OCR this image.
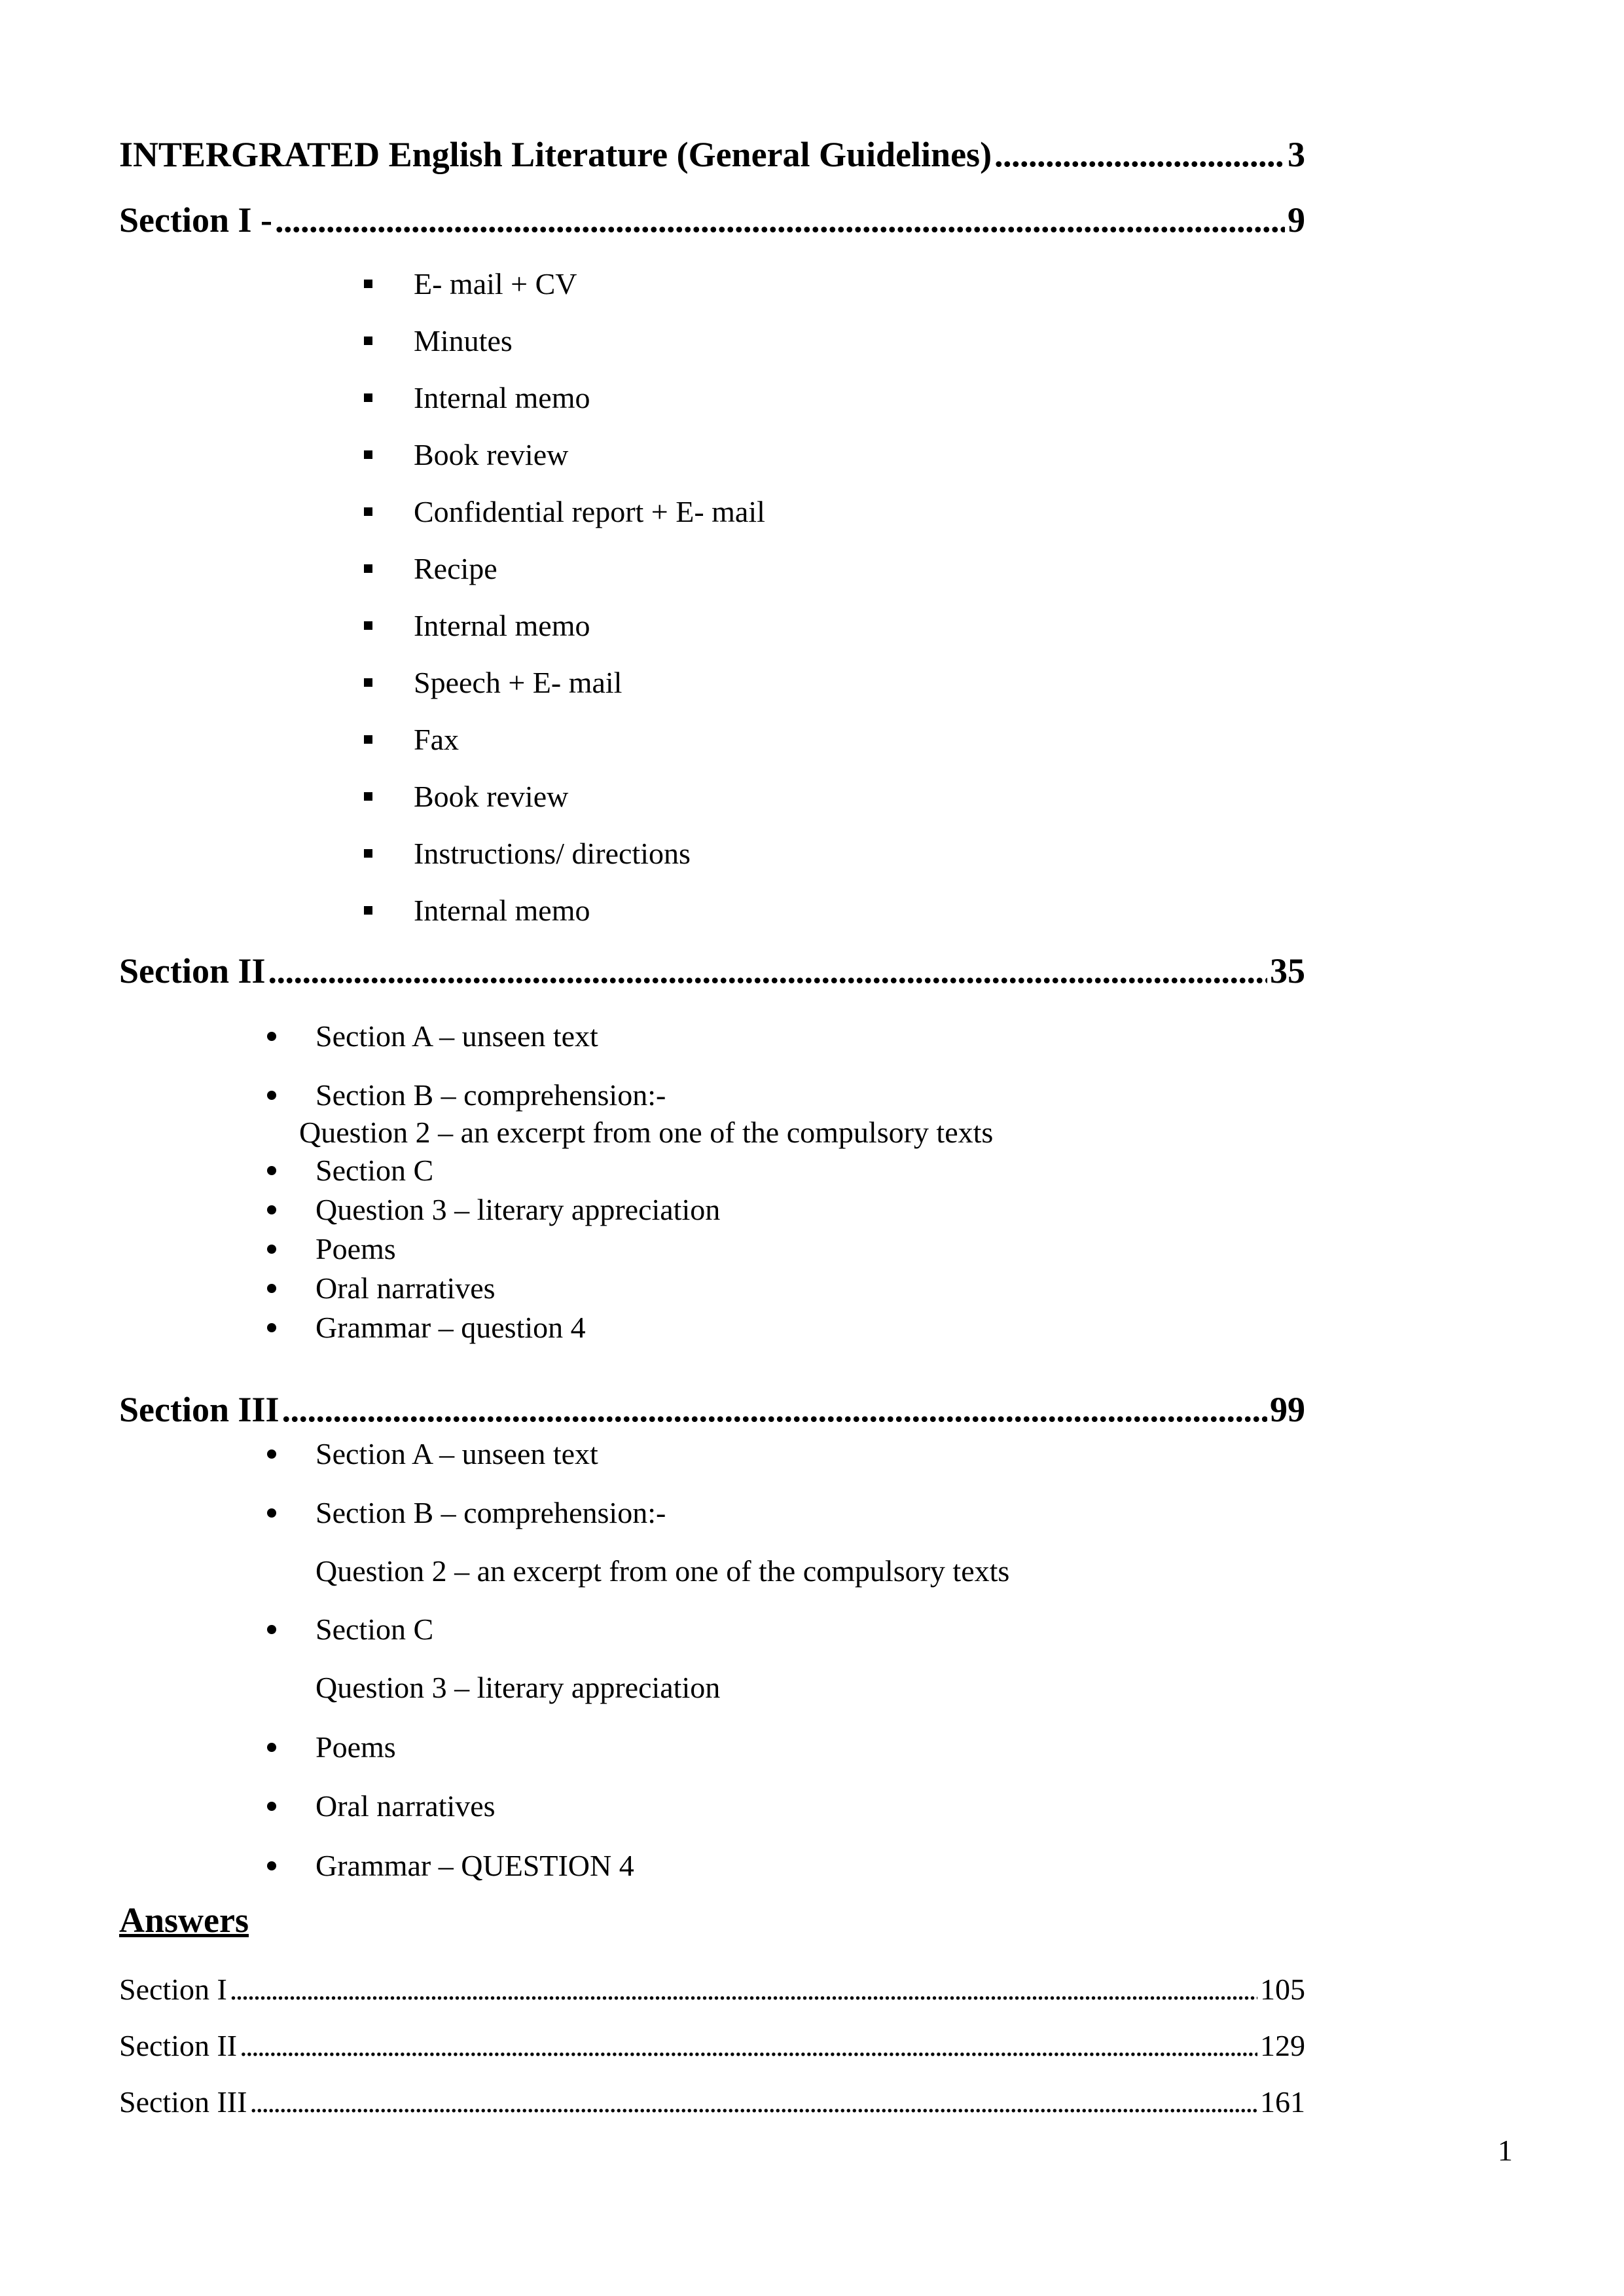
INTERGRATED English Literature (General Guidelines) . . .	3
Section I - . . .	9
E- mail + CV
Minutes
Internal memo
Book review
Confidential report + E- mail
Recipe
Internal memo
Speech + E- mail
Fax
Book review
Instructions/ directions
Internal memo
Section II . . .	35
Section A – unseen text
Section B – comprehension:-
Question 2 – an excerpt from one of the compulsory texts
Section C
Question 3 – literary appreciation
Poems
Oral narratives
Grammar – question 4
Section III . . .	99
Section A – unseen text
Section B – comprehension:-
Question 2 – an excerpt from one of the compulsory texts
Section C
Question 3 – literary appreciation
Poems
Oral narratives
Grammar – QUESTION 4
Answers
Section I . . .	105
Section II . . .	129
Section III . . .	161
1
